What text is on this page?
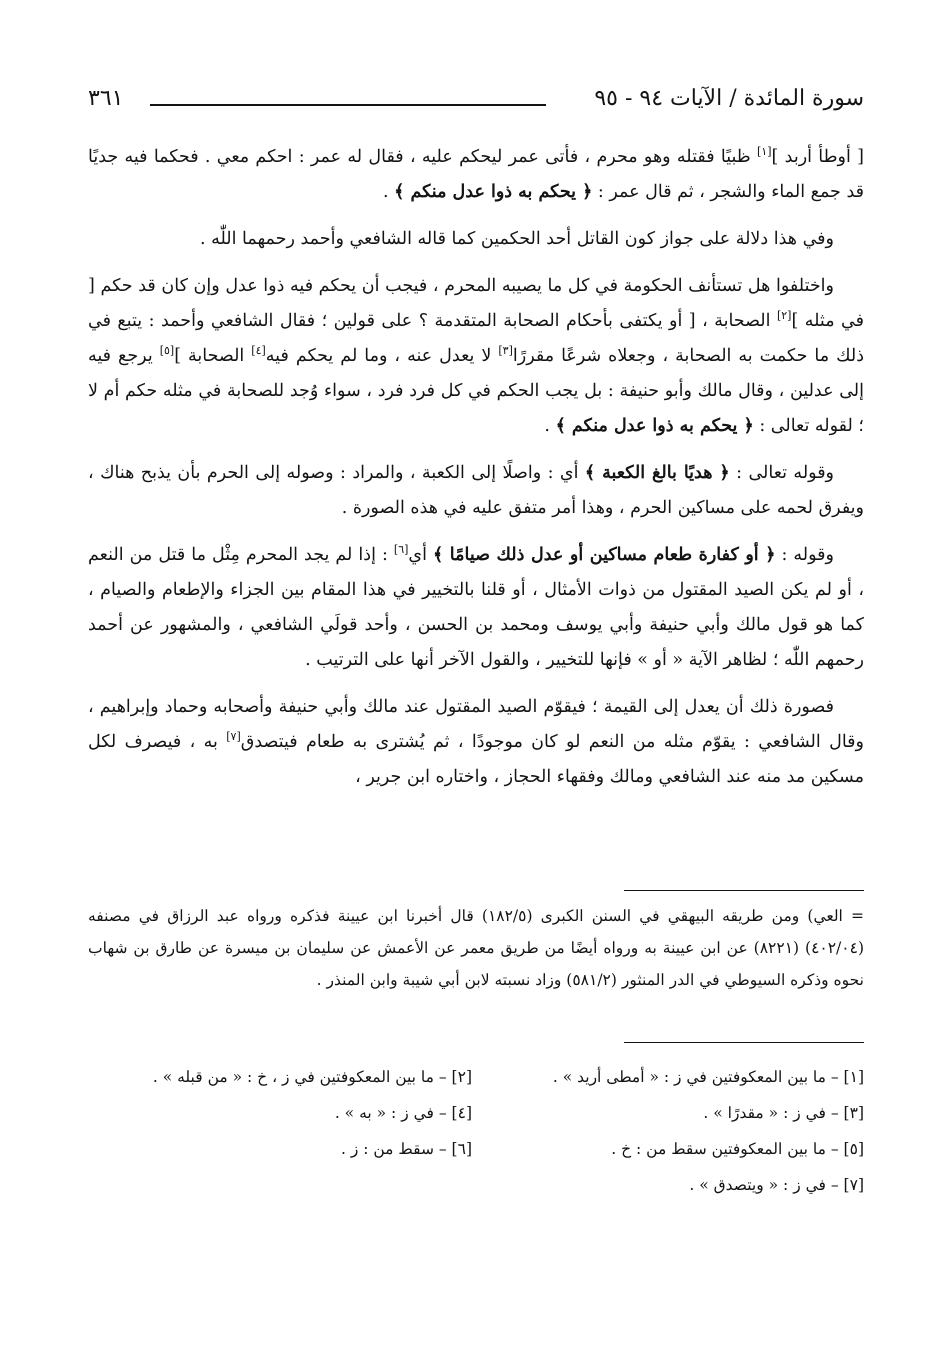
سورة المائدة / الآيات ٩٤ - ٩٥
٣٦١

[ أوطأ أربد ][١] ظبيًا فقتله وهو محرم ، فأتى عمر ليحكم عليه ، فقال له عمر : احكم معي . فحكما فيه جديًا قد جمع الماء والشجر ، ثم قال عمر : ﴿ يحكم به ذوا عدل منكم ﴾ .

وفي هذا دلالة على جواز كون القاتل أحد الحكمين كما قاله الشافعي وأحمد رحمهما اللّٰه .

واختلفوا هل تستأنف الحكومة في كل ما يصيبه المحرم ، فيجب أن يحكم فيه ذوا عدل وإن كان قد حكم [ في مثله ][٢] الصحابة ، [ أو يكتفى بأحكام الصحابة المتقدمة ؟ على قولين ؛ فقال الشافعي وأحمد : يتبع في ذلك ما حكمت به الصحابة ، وجعلاه شرعًا مقررًا[٣] لا يعدل عنه ، وما لم يحكم فيه[٤] الصحابة ][٥] يرجع فيه إلى عدلين ، وقال مالك وأبو حنيفة : بل يجب الحكم في كل فرد فرد ، سواء وُجد للصحابة في مثله حكم أم لا ؛ لقوله تعالى : ﴿ يحكم به ذوا عدل منكم ﴾ .

وقوله تعالى : ﴿ هديًا بالغ الكعبة ﴾ أي : واصلًا إلى الكعبة ، والمراد : وصوله إلى الحرم بأن يذبح هناك ، ويفرق لحمه على مساكين الحرم ، وهذا أمر متفق عليه في هذه الصورة .

وقوله : ﴿ أو كفارة طعام مساكين أو عدل ذلك صيامًا ﴾ أي[٦] : إذا لم يجد المحرم مِثْل ما قتل من النعم ، أو لم يكن الصيد المقتول من ذوات الأمثال ، أو قلنا بالتخيير في هذا المقام بين الجزاء والإطعام والصيام ، كما هو قول مالك وأبي حنيفة وأبي يوسف ومحمد بن الحسن ، وأحد قولَي الشافعي ، والمشهور عن أحمد رحمهم اللّٰه ؛ لظاهر الآية « أو » فإنها للتخيير ، والقول الآخر أنها على الترتيب .

فصورة ذلك أن يعدل إلى القيمة ؛ فيقوّم الصيد المقتول عند مالك وأبي حنيفة وأصحابه وحماد وإبراهيم ، وقال الشافعي : يقوّم مثله من النعم لو كان موجودًا ، ثم يُشترى به طعام فيتصدق[٧] به ، فيصرف لكل مسكين مد منه عند الشافعي ومالك وفقهاء الحجاز ، واختاره ابن جرير ،

= العي) ومن طريقه البيهقي في السنن الكبرى (١٨٢/٥) قال أخبرنا ابن عيينة فذكره ورواه عبد الرزاق في مصنفه (٤٠٢/٠٤) (٨٢٢١) عن ابن عيينة به ورواه أيضًا من طريق معمر عن الأعمش عن سليمان بن ميسرة عن طارق بن شهاب نحوه وذكره السيوطي في الدر المنثور (٥٨١/٢) وزاد نسبته لابن أبي شيبة وابن المنذر .
[١] – ما بين المعكوفتين في ز : « أمطى أريد » .
[٢] – ما بين المعكوفتين في ز ، خ : « من قبله » .
[٣] – في ز : « مقدرًا » .
[٤] – في ز : « به » .
[٥] – ما بين المعكوفتين سقط من : خ .
[٦] – سقط من : ز .
[٧] – في ز : « ويتصدق » .
